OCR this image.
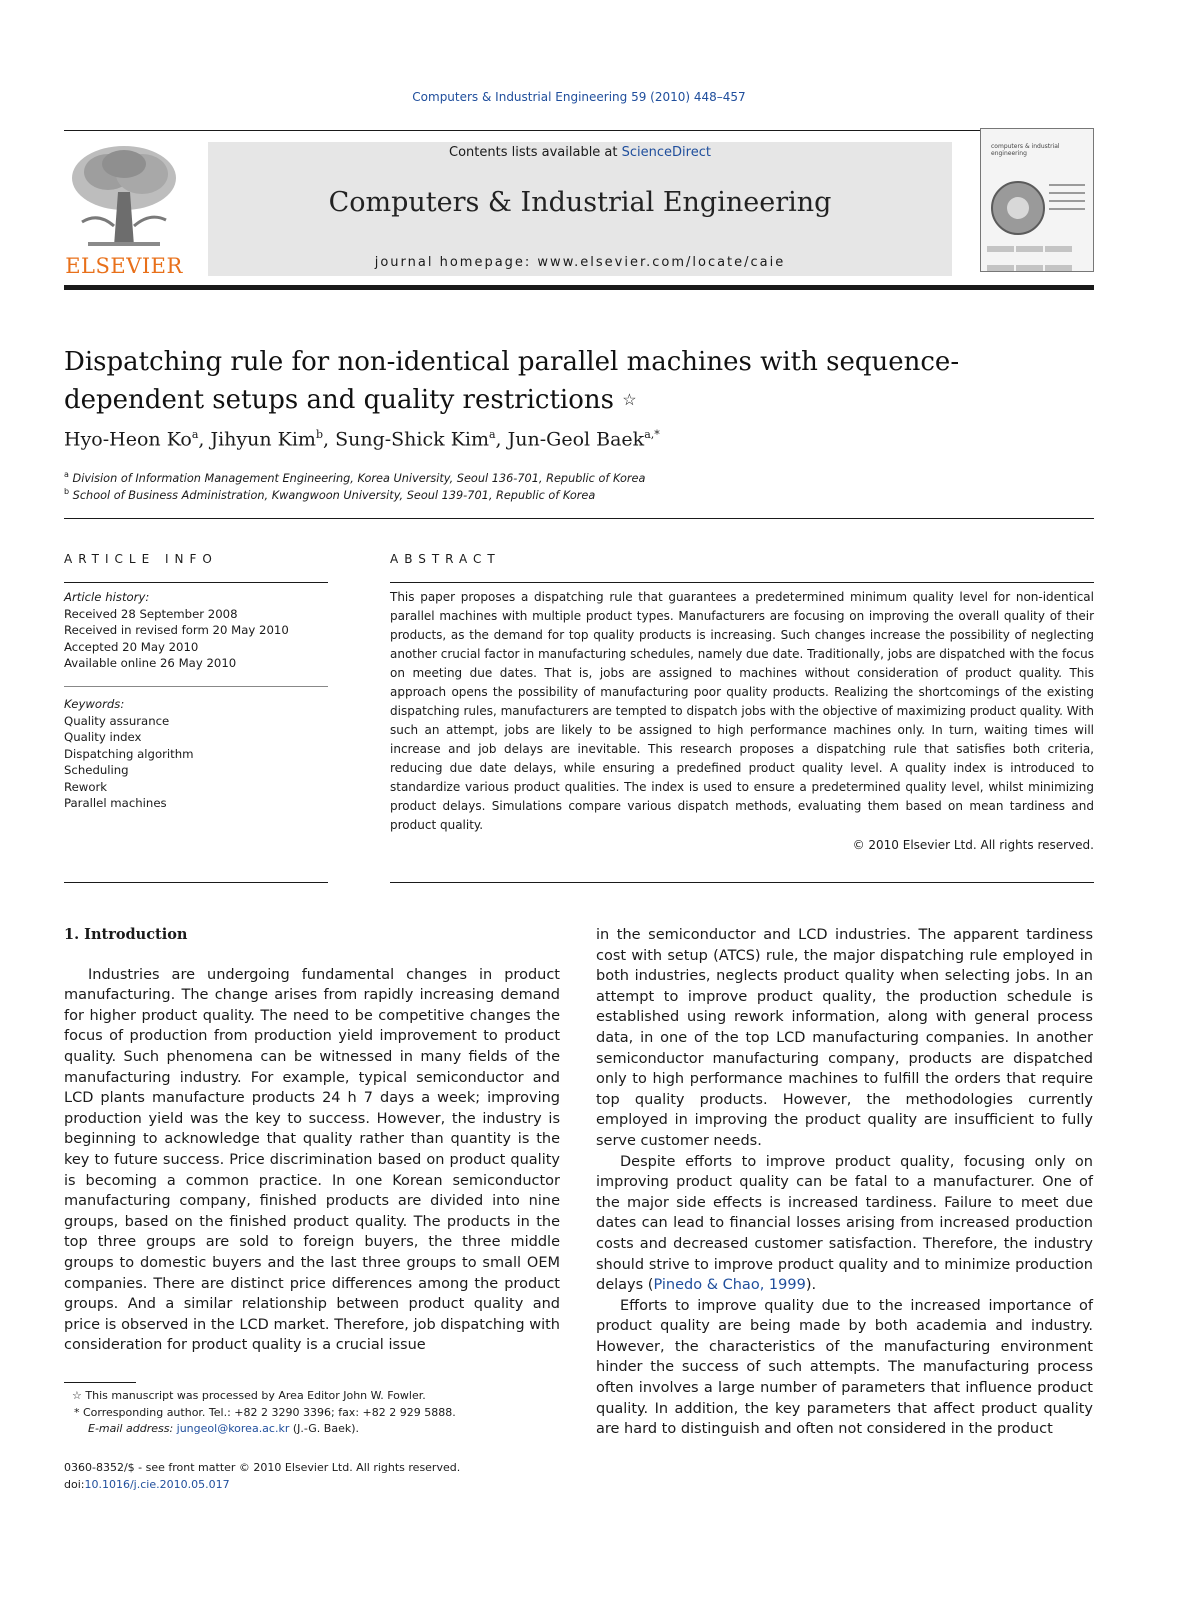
Computers & Industrial Engineering 59 (2010) 448–457
ELSEVIER
Contents lists available at ScienceDirect
Computers & Industrial Engineering
journal homepage: www.elsevier.com/locate/caie
computers & industrial engineering
Dispatching rule for non-identical parallel machines with sequence-dependent setups and quality restrictions ☆
Hyo-Heon Ko$^a$, Jihyun Kim$^b$, Sung-Shick Kim$^a$, Jun-Geol Baek$^{a,*}$
$^a$ Division of Information Management Engineering, Korea University, Seoul 136-701, Republic of Korea
$^b$ School of Business Administration, Kwangwoon University, Seoul 139-701, Republic of Korea
ARTICLE INFO
Article history:
Received 28 September 2008
Received in revised form 20 May 2010
Accepted 20 May 2010
Available online 26 May 2010
Keywords:
Quality assurance
Quality index
Dispatching algorithm
Scheduling
Rework
Parallel machines
ABSTRACT
This paper proposes a dispatching rule that guarantees a predetermined minimum quality level for non-identical parallel machines with multiple product types. Manufacturers are focusing on improving the overall quality of their products, as the demand for top quality products is increasing. Such changes increase the possibility of neglecting another crucial factor in manufacturing schedules, namely due date. Traditionally, jobs are dispatched with the focus on meeting due dates. That is, jobs are assigned to machines without consideration of product quality. This approach opens the possibility of manufacturing poor quality products. Realizing the shortcomings of the existing dispatching rules, manufacturers are tempted to dispatch jobs with the objective of maximizing product quality. With such an attempt, jobs are likely to be assigned to high performance machines only. In turn, waiting times will increase and job delays are inevitable. This research proposes a dispatching rule that satisfies both criteria, reducing due date delays, while ensuring a predefined product quality level. A quality index is introduced to standardize various product qualities. The index is used to ensure a predetermined quality level, whilst minimizing product delays. Simulations compare various dispatch methods, evaluating them based on mean tardiness and product quality.
© 2010 Elsevier Ltd. All rights reserved.
1. Introduction

Industries are undergoing fundamental changes in product manufacturing. The change arises from rapidly increasing demand for higher product quality. The need to be competitive changes the focus of production from production yield improvement to product quality. Such phenomena can be witnessed in many fields of the manufacturing industry. For example, typical semiconductor and LCD plants manufacture products 24 h 7 days a week; improving production yield was the key to success. However, the industry is beginning to acknowledge that quality rather than quantity is the key to future success. Price discrimination based on product quality is becoming a common practice. In one Korean semiconductor manufacturing company, finished products are divided into nine groups, based on the finished product quality. The products in the top three groups are sold to foreign buyers, the three middle groups to domestic buyers and the last three groups to small OEM companies. There are distinct price differences among the product groups. And a similar relationship between product quality and price is observed in the LCD market. Therefore, job dispatching with consideration for product quality is a crucial issue

in the semiconductor and LCD industries. The apparent tardiness cost with setup (ATCS) rule, the major dispatching rule employed in both industries, neglects product quality when selecting jobs. In an attempt to improve product quality, the production schedule is established using rework information, along with general process data, in one of the top LCD manufacturing companies. In another semiconductor manufacturing company, products are dispatched only to high performance machines to fulfill the orders that require top quality products. However, the methodologies currently employed in improving the product quality are insufficient to fully serve customer needs.

Despite efforts to improve product quality, focusing only on improving product quality can be fatal to a manufacturer. One of the major side effects is increased tardiness. Failure to meet due dates can lead to financial losses arising from increased production costs and decreased customer satisfaction. Therefore, the industry should strive to improve product quality and to minimize production delays (Pinedo & Chao, 1999).

Efforts to improve quality due to the increased importance of product quality are being made by both academia and industry. However, the characteristics of the manufacturing environment hinder the success of such attempts. The manufacturing process often involves a large number of parameters that influence product quality. In addition, the key parameters that affect product quality are hard to distinguish and often not considered in the product

☆ This manuscript was processed by Area Editor John W. Fowler.
* Corresponding author. Tel.: +82 2 3290 3396; fax: +82 2 929 5888.
E-mail address: jungeol@korea.ac.kr (J.-G. Baek).
0360-8352/$ - see front matter © 2010 Elsevier Ltd. All rights reserved.
doi:10.1016/j.cie.2010.05.017
